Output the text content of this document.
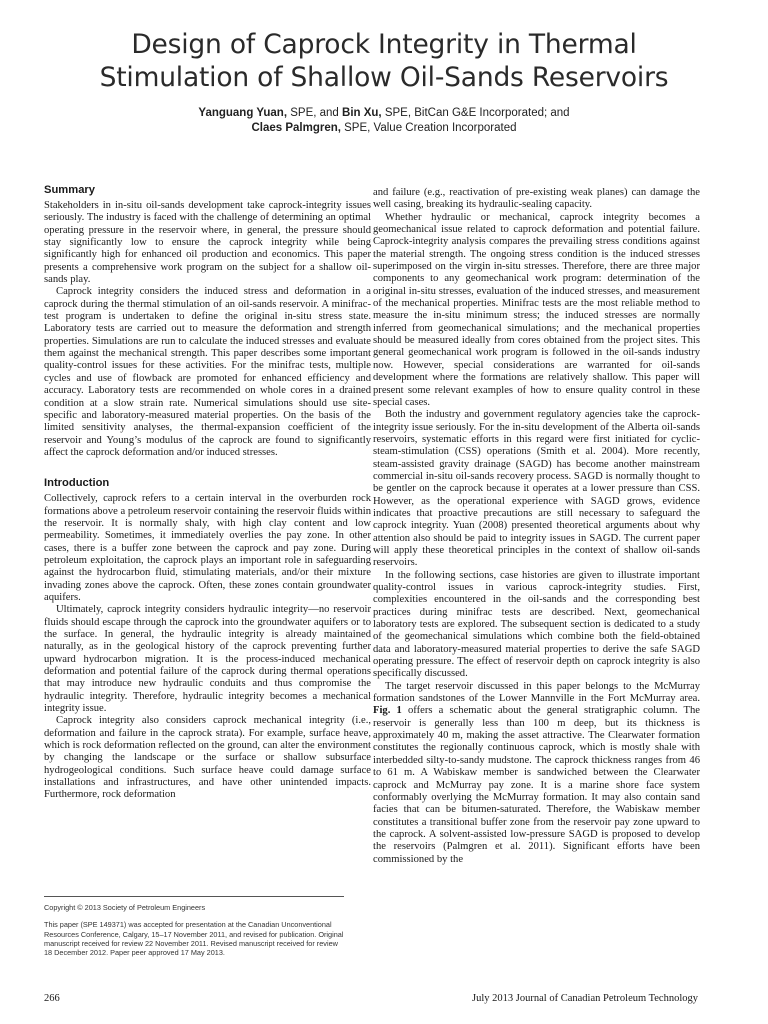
Design of Caprock Integrity in Thermal
Stimulation of Shallow Oil-Sands Reservoirs
Yanguang Yuan, SPE, and Bin Xu, SPE, BitCan G&E Incorporated; and
Claes Palmgren, SPE, Value Creation Incorporated
Summary

Stakeholders in in-situ oil-sands development take caprock-integrity issues seriously. The industry is faced with the challenge of determining an optimal operating pressure in the reservoir where, in general, the pressure should stay significantly low to ensure the caprock integrity while being significantly high for enhanced oil production and economics. This paper presents a comprehensive work program on the subject for a shallow oil-sands play.

Caprock integrity considers the induced stress and deformation in a caprock during the thermal stimulation of an oil-sands reservoir. A minifrac-test program is undertaken to define the original in-situ stress state. Laboratory tests are carried out to measure the deformation and strength properties. Simulations are run to calculate the induced stresses and evaluate them against the mechanical strength. This paper describes some important quality-control issues for these activities. For the minifrac tests, multiple cycles and use of flowback are promoted for enhanced efficiency and accuracy. Laboratory tests are recommended on whole cores in a drained condition at a slow strain rate. Numerical simulations should use site-specific and laboratory-measured material properties. On the basis of the limited sensitivity analyses, the thermal-expansion coefficient of the reservoir and Young’s modulus of the caprock are found to significantly affect the caprock deformation and/or induced stresses.

Introduction

Collectively, caprock refers to a certain interval in the overburden rock formations above a petroleum reservoir containing the reservoir fluids within the reservoir. It is normally shaly, with high clay content and low permeability. Sometimes, it immediately overlies the pay zone. In other cases, there is a buffer zone between the caprock and pay zone. During petroleum exploitation, the caprock plays an important role in safeguarding against the hydrocarbon fluid, stimulating materials, and/or their mixture invading zones above the caprock. Often, these zones contain groundwater aquifers.

Ultimately, caprock integrity considers hydraulic integrity—no reservoir fluids should escape through the caprock into the groundwater aquifers or to the surface. In general, the hydraulic integrity is already maintained naturally, as in the geological history of the caprock preventing further upward hydrocarbon migration. It is the process-induced mechanical deformation and potential failure of the caprock during thermal operations that may introduce new hydraulic conduits and thus compromise the hydraulic integrity. Therefore, hydraulic integrity becomes a mechanical integrity issue.

Caprock integrity also considers caprock mechanical integrity (i.e., deformation and failure in the caprock strata). For example, surface heave, which is rock deformation reflected on the ground, can alter the environment by changing the landscape or the surface or shallow subsurface hydrogeological conditions. Such surface heave could damage surface installations and infrastructures, and have other unintended impacts. Furthermore, rock deformation

and failure (e.g., reactivation of pre-existing weak planes) can damage the well casing, breaking its hydraulic-sealing capacity.

Whether hydraulic or mechanical, caprock integrity becomes a geomechanical issue related to caprock deformation and potential failure. Caprock-integrity analysis compares the prevailing stress conditions against the material strength. The ongoing stress condition is the induced stresses superimposed on the virgin in-situ stresses. Therefore, there are three major components to any geomechanical work program: determination of the original in-situ stresses, evaluation of the induced stresses, and measurement of the mechanical properties. Minifrac tests are the most reliable method to measure the in-situ minimum stress; the induced stresses are normally inferred from geomechanical simulations; and the mechanical properties should be measured ideally from cores obtained from the project sites. This general geomechanical work program is followed in the oil-sands industry now. However, special considerations are warranted for oil-sands development where the formations are relatively shallow. This paper will present some relevant examples of how to ensure quality control in these special cases.

Both the industry and government regulatory agencies take the caprock-integrity issue seriously. For the in-situ development of the Alberta oil-sands reservoirs, systematic efforts in this regard were first initiated for cyclic-steam-stimulation (CSS) operations (Smith et al. 2004). More recently, steam-assisted gravity drainage (SAGD) has become another mainstream commercial in-situ oil-sands recovery process. SAGD is normally thought to be gentler on the caprock because it operates at a lower pressure than CSS. However, as the operational experience with SAGD grows, evidence indicates that proactive precautions are still necessary to safeguard the caprock integrity. Yuan (2008) presented theoretical arguments about why attention also should be paid to integrity issues in SAGD. The current paper will apply these theoretical principles in the context of shallow oil-sands reservoirs.

In the following sections, case histories are given to illustrate important quality-control issues in various caprock-integrity studies. First, complexities encountered in the oil-sands and the corresponding best practices during minifrac tests are described. Next, geomechanical laboratory tests are explored. The subsequent section is dedicated to a study of the geomechanical simulations which combine both the field-obtained data and laboratory-measured material properties to derive the safe SAGD operating pressure. The effect of reservoir depth on caprock integrity is also specifically discussed.

The target reservoir discussed in this paper belongs to the McMurray formation sandstones of the Lower Mannville in the Fort McMurray area. Fig. 1 offers a schematic about the general stratigraphic column. The reservoir is generally less than 100 m deep, but its thickness is approximately 40 m, making the asset attractive. The Clearwater formation constitutes the regionally continuous caprock, which is mostly shale with interbedded silty-to-sandy mudstone. The caprock thickness ranges from 46 to 61 m. A Wabiskaw member is sandwiched between the Clearwater caprock and McMurray pay zone. It is a marine shore face system conformably overlying the McMurray formation. It may also contain sand facies that can be bitumen-saturated. Therefore, the Wabiskaw member constitutes a transitional buffer zone from the reservoir pay zone upward to the caprock. A solvent-assisted low-pressure SAGD is proposed to develop the reservoirs (Palmgren et al. 2011). Significant efforts have been commissioned by the

Copyright © 2013 Society of Petroleum Engineers

This paper (SPE 149371) was accepted for presentation at the Canadian Unconventional Resources Conference, Calgary, 15–17 November 2011, and revised for publication. Original manuscript received for review 22 November 2011. Revised manuscript received for review 18 December 2012. Paper peer approved 17 May 2013.

266	July 2013 Journal of Canadian Petroleum Technology
